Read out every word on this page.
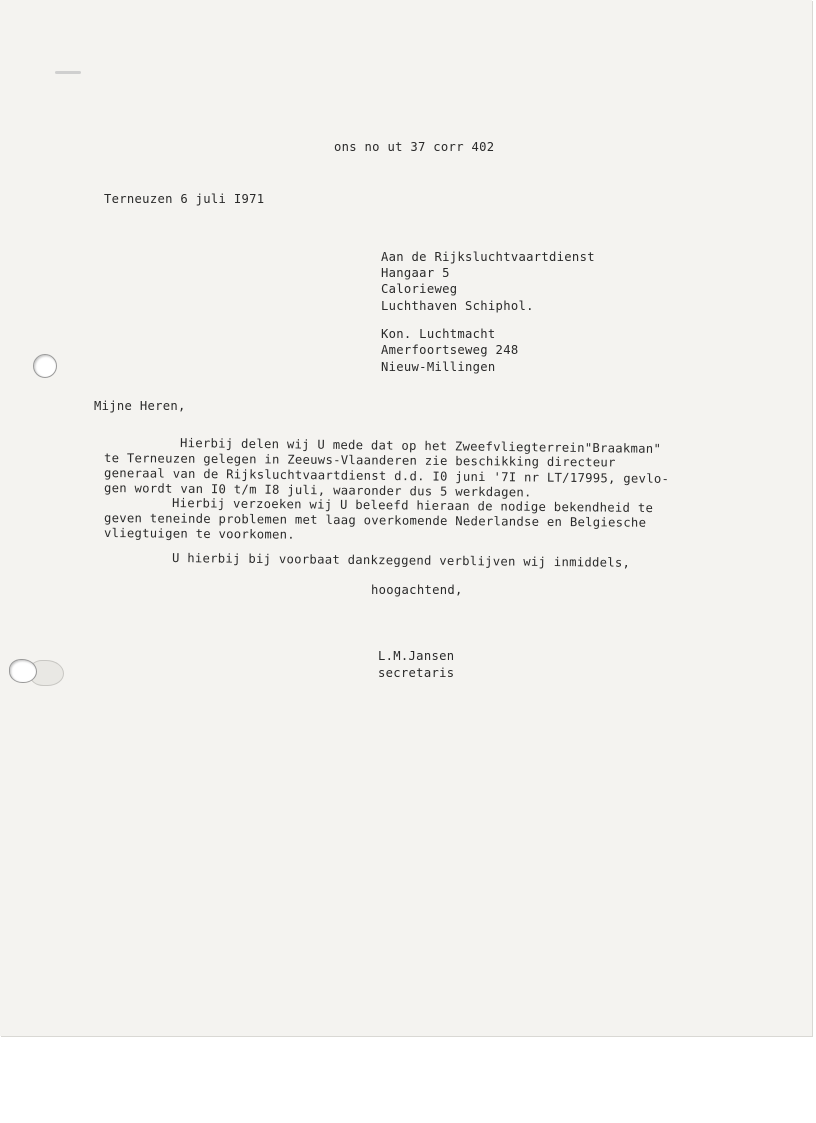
ons no ut 37 corr 402
Terneuzen 6 juli I971
Aan de Rijksluchtvaartdienst
Hangaar 5
Calorieweg
Luchthaven Schiphol.
Kon. Luchtmacht
Amerfoortseweg 248
Nieuw-Millingen
Mijne Heren,
Hierbij delen wij U mede dat op het Zweefvliegterrein"Braakman"
te Terneuzen gelegen in Zeeuws-Vlaanderen zie beschikking directeur
generaal van de Rijksluchtvaartdienst d.d. I0 juni '7I nr LT/17995, gevlo-
gen wordt van I0 t/m I8 juli, waaronder dus 5 werkdagen.
Hierbij verzoeken wij U beleefd hieraan de nodige bekendheid te
geven teneinde problemen met laag overkomende Nederlandse en Belgiesche
vliegtuigen te voorkomen.
U hierbij bij voorbaat dankzeggend verblijven wij inmiddels,
hoogachtend,
L.M.Jansen
secretaris
